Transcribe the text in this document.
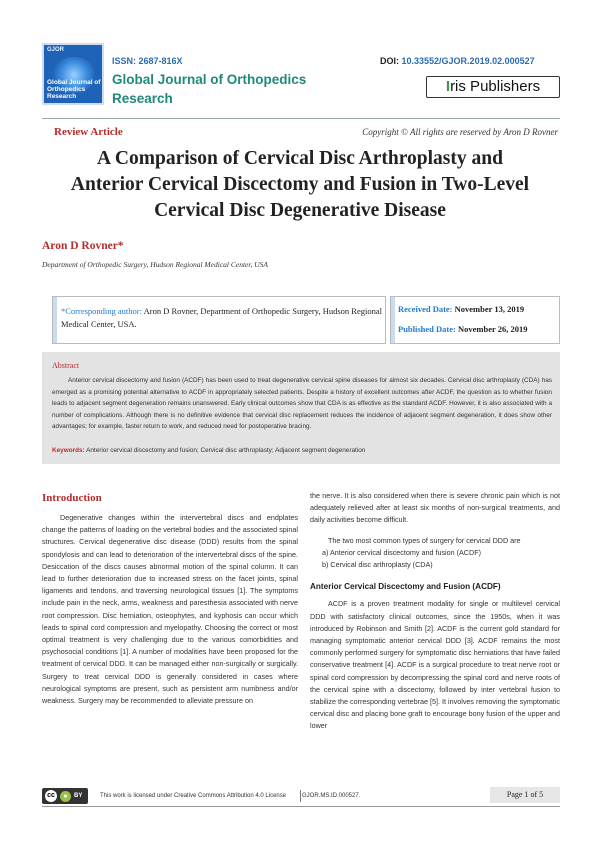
GJOR
Global Journal of Orthopedics Research
ISSN: 2687-816X
Global Journal of Orthopedics Research
DOI: 10.33552/GJOR.2019.02.000527
Iris Publishers
Review Article	Copyright © All rights are reserved by Aron D Rovner
A Comparison of Cervical Disc Arthroplasty and Anterior Cervical Discectomy and Fusion in Two-Level Cervical Disc Degenerative Disease
Aron D Rovner*
Department of Orthopedic Surgery, Hudson Regional Medical Center, USA
*Corresponding author: Aron D Rovner, Department of Orthopedic Surgery, Hudson Regional Medical Center, USA.
Received Date: November 13, 2019
Published Date: November 26, 2019
Abstract
Anterior cervical discectomy and fusion (ACDF) has been used to treat degenerative cervical spine diseases for almost six decades. Cervical disc arthroplasty (CDA) has emerged as a promising potential alternative to ACDF in appropriately selected patients. Despite a history of excellent outcomes after ACDF, the question as to whether fusion leads to adjacent segment degeneration remains unanswered. Early clinical outcomes show that CDA is as effective as the standard ACDF. However, it is also associated with a number of complications. Although there is no definitive evidence that cervical disc replacement reduces the incidence of adjacent segment degeneration, it does show other advantages; for example, faster return to work, and reduced need for postoperative bracing.
Keywords: Anterior cervical discectomy and fusion; Cervical disc arthroplasty; Adjacent segment degeneration
Introduction

Degenerative changes within the intervertebral discs and endplates change the patterns of loading on the vertebral bodies and the associated spinal structures. Cervical degenerative disc disease (DDD) results from the spinal spondylosis and can lead to deterioration of the intervertebral discs of the spine. Desiccation of the discs causes abnormal motion of the spinal column. It can lead to further deterioration due to increased stress on the facet joints, spinal ligaments and tendons, and traversing neurological tissues [1]. The symptoms include pain in the neck, arms, weakness and paresthesia associated with nerve root compression. Disc herniation, osteophytes, and kyphosis can occur which leads to spinal cord compression and myelopathy. Choosing the correct or most optimal treatment is very challenging due to the various comorbidities and psychosocial conditions [1]. A number of modalities have been proposed for the treatment of cervical DDD. It can be managed either non-surgically or surgically. Surgery to treat cervical DDD is generally considered in cases where neurological symptoms are present, such as persistent arm numbness and/or weakness. Surgery may be recommended to alleviate pressure on

the nerve. It is also considered when there is severe chronic pain which is not adequately relieved after at least six months of non-surgical treatments, and daily activities become difficult.

The two most common types of surgery for cervical DDD are

a) Anterior cervical discectomy and fusion (ACDF)

b) Cervical disc arthroplasty (CDA)

Anterior Cervical Discectomy and Fusion (ACDF)

ACDF is a proven treatment modality for single or multilevel cervical DDD with satisfactory clinical outcomes, since the 1950s, when it was introduced by Robinson and Smith [2]. ACDF is the current gold standard for managing symptomatic anterior cervical DDD [3]. ACDF remains the most commonly performed surgery for symptomatic disc herniations that have failed conservative treatment [4]. ACDF is a surgical procedure to treat nerve root or spinal cord compression by decompressing the spinal cord and nerve roots of the cervical spine with a discectomy, followed by inter vertebral fusion to stabilize the corresponding vertebrae [5]. It involves removing the symptomatic cervical disc and placing bone graft to encourage bony fusion of the upper and lower

cc	●	BY	This work is licensed under Creative Commons Attribution 4.0 License	GJOR.MS.ID.000527.	Page 1 of 5
